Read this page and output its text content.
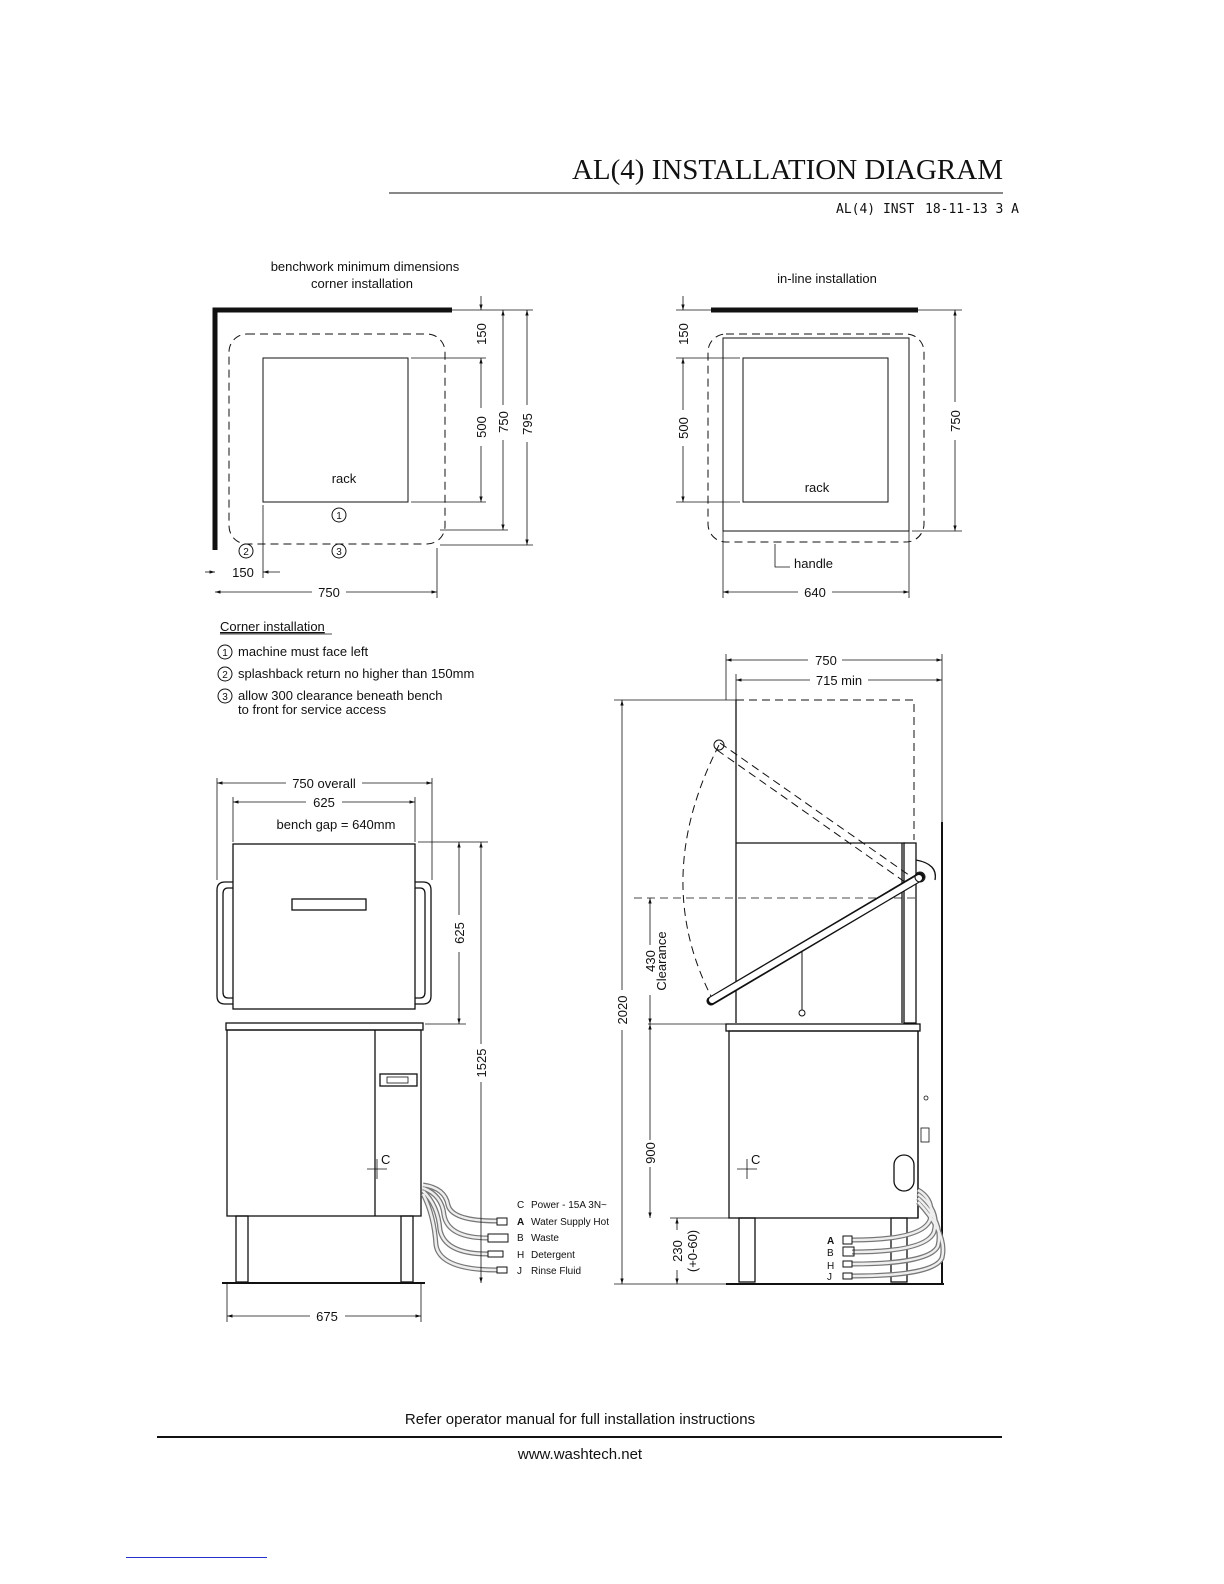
AL(4) INSTALLATION DIAGRAM
AL(4) INST 18-11-13 3 A
benchwork minimum dimensions
corner installation
rack
1
2	3
150
750
150
500 750 795
in-line installation
rack
handle
150
500	750
640
Corner installation
1 machine must face left
2 splashback return no higher than 150mm
3 allow 300 clearance beneath bench
to front for service access
750 overall
625
bench gap = 640mm
C
C Power - 15A 3N~
A Water Supply Hot
B Waste
H Detergent
J Rinse Fluid
625
1525
675
750
715 min
C
A
B
H
J
2020
430
Clearance
900
230 (+0-60)
Refer operator manual for full installation instructions
www.washtech.net
